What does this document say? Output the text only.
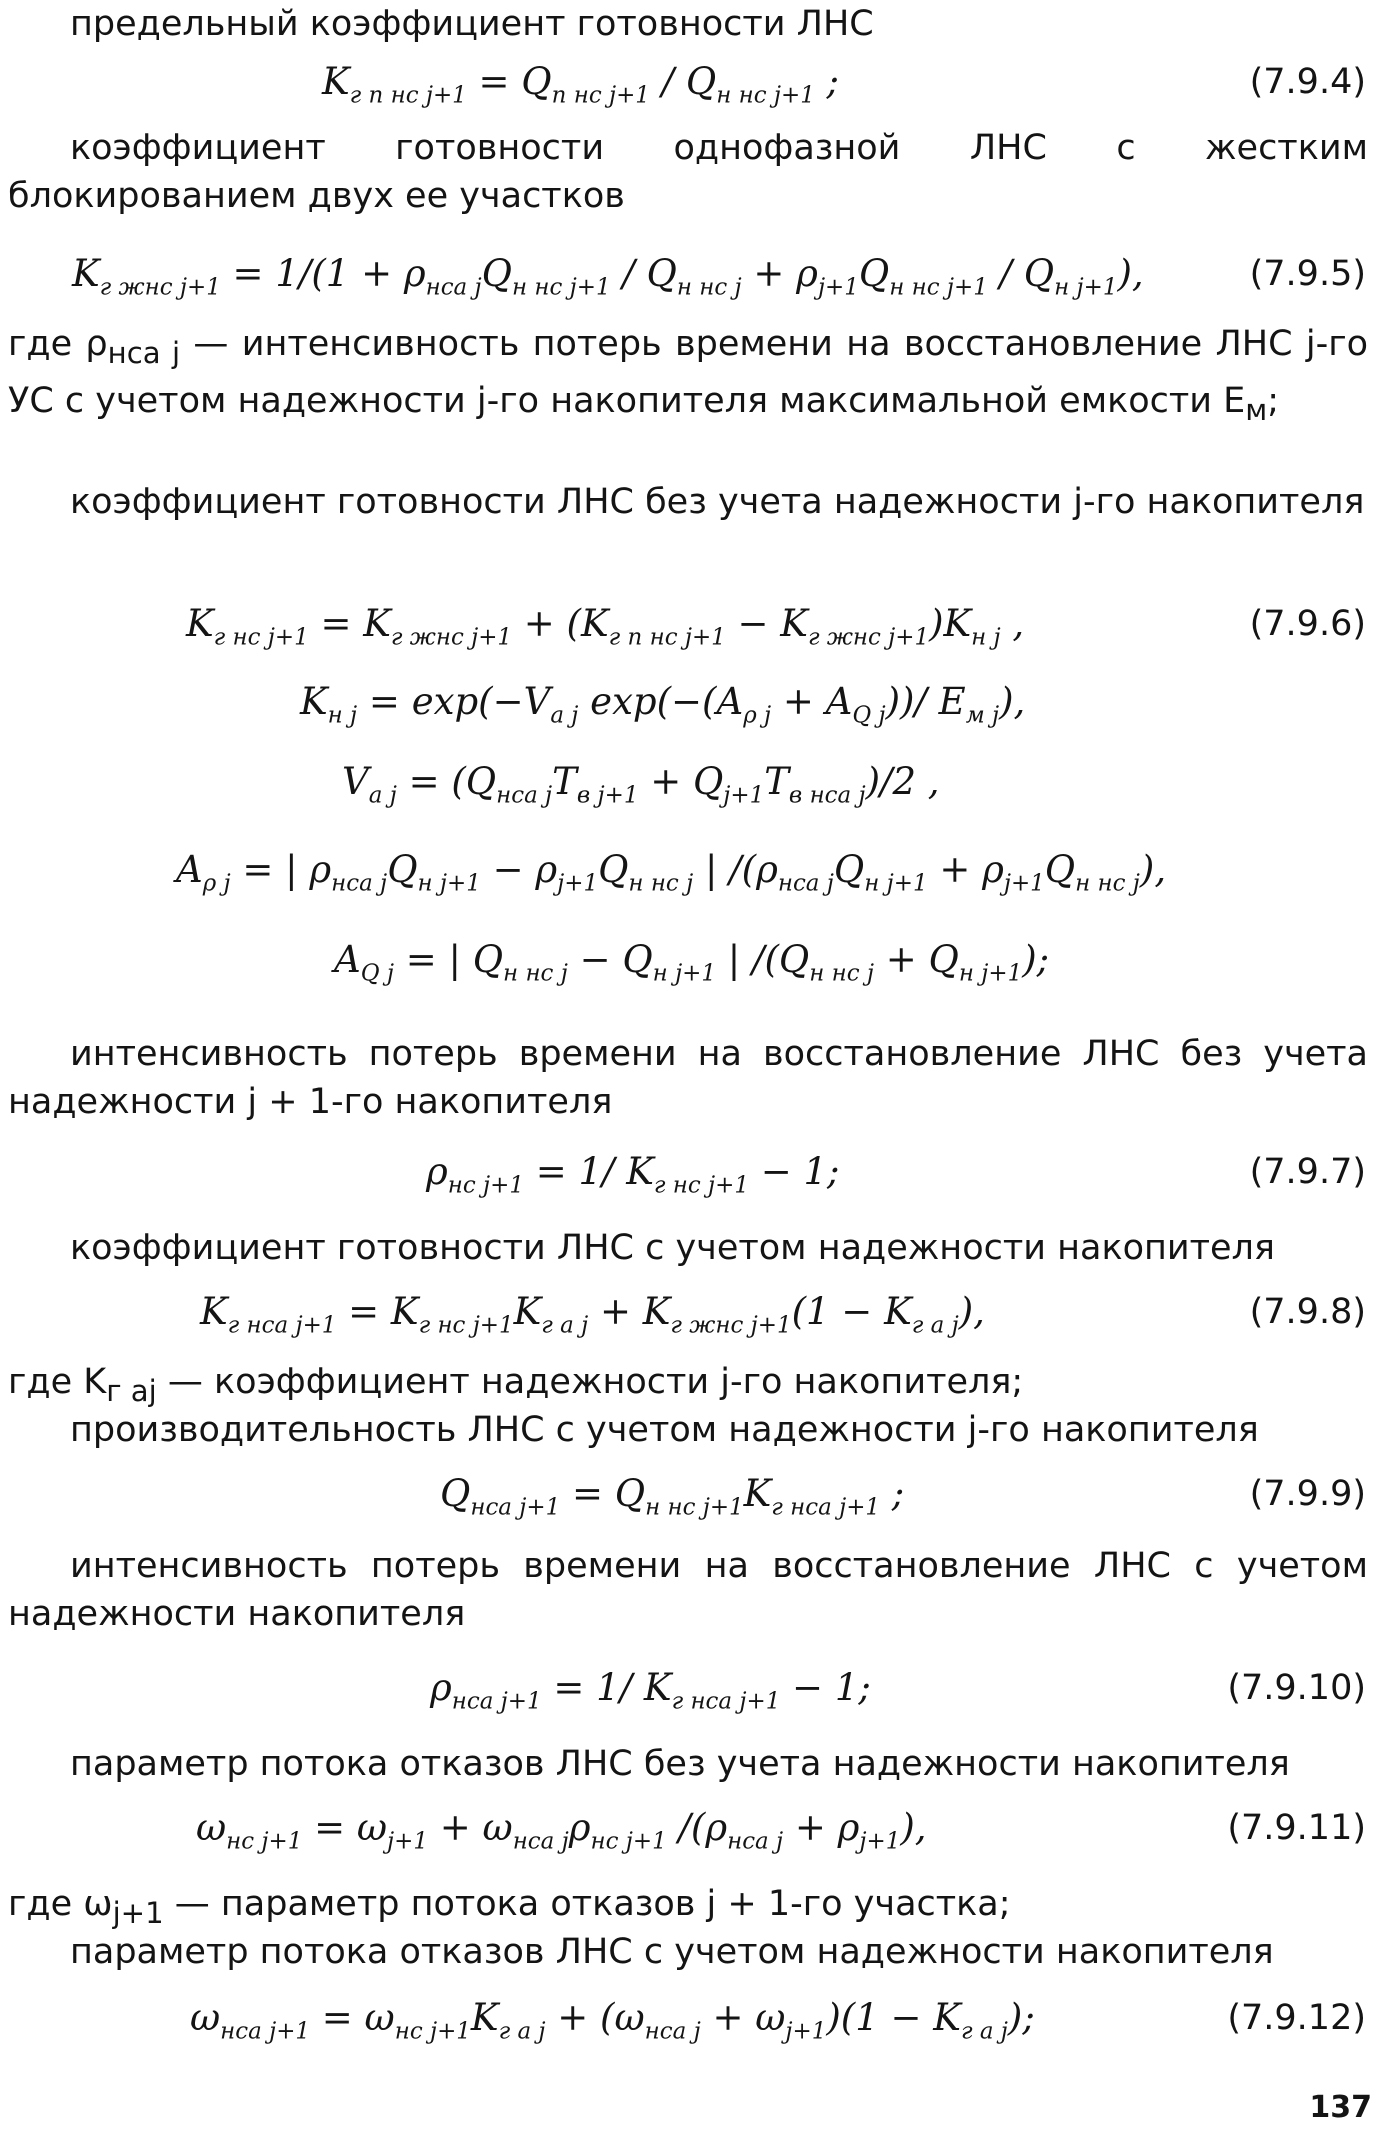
предельный коэффициент готовности ЛНС
$K_{г п нс j+1} = Q_{п нс j+1} / Q_{н нс j+1}$ ;	(7.9.4)
коэффициент готовности однофазной ЛНС с жестким блокированием двух ее участков
$K_{г жнс j+1} = 1/(1 + \rho_{нса j}Q_{н нс j+1} / Q_{н нс j} + \rho_{j+1}Q_{н нс j+1} / Q_{н j+1})$,	(7.9.5)
где $\rho_{нса j}$ — интенсивность потерь времени на восстановление ЛНС j-го УС с учетом надежности j-го накопителя максимальной емкости $E_м$;
коэффициент готовности ЛНС без учета надежности j-го накопителя
$K_{г нс j+1} = K_{г жнс j+1} + (K_{г п нс j+1} - K_{г жнс j+1})K_{н j}$ ,	(7.9.6)
$K_{н j} = \exp(-V_{a j}$ $\exp(-(A_{\rho j} + A_{Q j}))/$ $E_{м j}$),
$V_{a j} = (Q_{нса j}T_{в j+1} + Q_{j+1}T_{в нса j})/2$ ,
$A_{\rho j}$ = | $\rho_{нса j}Q_{н j+1} - \rho_{j+1}Q_{н нс j}$ | $/(\rho_{нса j}Q_{н j+1} + \rho_{j+1}Q_{н нс j})$,
$A_{Q j}$ = | $Q_{н нс j} - Q_{н j+1}$ | $/(Q_{н нс j} + Q_{н j+1})$;
интенсивность потерь времени на восстановление ЛНС без учета надежности j + 1-го накопителя
$\rho_{нс j+1} = 1/$ $K_{г нс j+1} - 1$;	(7.9.7)
коэффициент готовности ЛНС с учетом надежности накопителя
$K_{г нса j+1} = K_{г нс j+1}K_{г a j} + K_{г жнс j+1}(1 - K_{г a j})$,	(7.9.8)
где $K_{г aj}$ — коэффициент надежности j-го накопителя;
производительность ЛНС с учетом надежности j-го накопителя
$Q_{нса j+1} = Q_{н нс j+1}K_{г нса j+1}$ ;	(7.9.9)
интенсивность потерь времени на восстановление ЛНС с учетом надежности накопителя
$\rho_{нса j+1} = 1/$ $K_{г нса j+1} - 1$;	(7.9.10)
параметр потока отказов ЛНС без учета надежности накопителя
$\omega_{нс j+1} = \omega_{j+1} + \omega_{нса j}\rho_{нс j+1}$ $/(\rho_{нса j} + \rho_{j+1})$,	(7.9.11)
где $\omega_{j+1}$ — параметр потока отказов j + 1-го участка;
параметр потока отказов ЛНС с учетом надежности накопителя
$\omega_{нса j+1} = \omega_{нс j+1}K_{г a j} + (\omega_{нса j} + \omega_{j+1})(1 - K_{г a j})$;	(7.9.12)
137
